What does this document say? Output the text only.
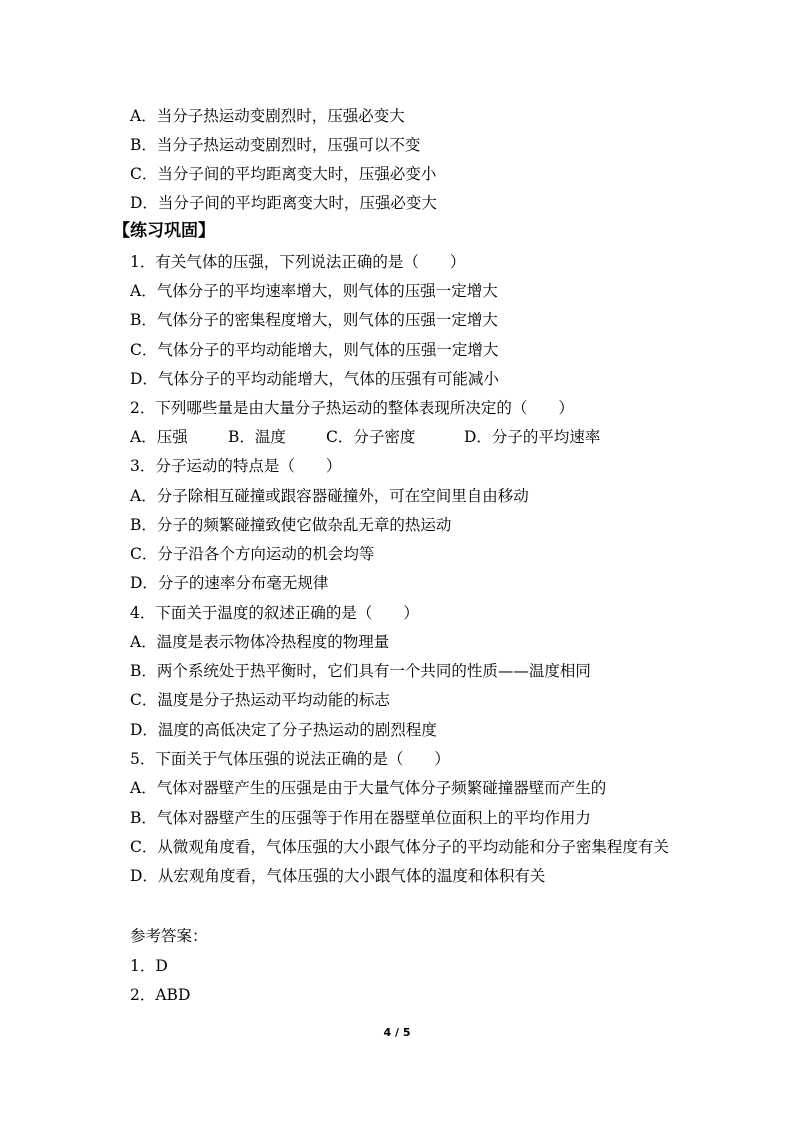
A．当分子热运动变剧烈时，压强必变大
B．当分子热运动变剧烈时，压强可以不变
C．当分子间的平均距离变大时，压强必变小
D．当分子间的平均距离变大时，压强必变大
【练习巩固】
1．有关气体的压强，下列说法正确的是（　　）
A．气体分子的平均速率增大，则气体的压强一定增大
B．气体分子的密集程度增大，则气体的压强一定增大
C．气体分子的平均动能增大，则气体的压强一定增大
D．气体分子的平均动能增大，气体的压强有可能减小
2．下列哪些量是由大量分子热运动的整体表现所决定的（　　）
A．压强	B．温度	C．分子密度	D．分子的平均速率
3．分子运动的特点是（　　）
A．分子除相互碰撞或跟容器碰撞外，可在空间里自由移动
B．分子的频繁碰撞致使它做杂乱无章的热运动
C．分子沿各个方向运动的机会均等
D．分子的速率分布毫无规律
4．下面关于温度的叙述正确的是（　　）
A．温度是表示物体冷热程度的物理量
B．两个系统处于热平衡时，它们具有一个共同的性质——温度相同
C．温度是分子热运动平均动能的标志
D．温度的高低决定了分子热运动的剧烈程度
5．下面关于气体压强的说法正确的是（　　）
A．气体对器壁产生的压强是由于大量气体分子频繁碰撞器壁而产生的
B．气体对器壁产生的压强等于作用在器壁单位面积上的平均作用力
C．从微观角度看，气体压强的大小跟气体分子的平均动能和分子密集程度有关
D．从宏观角度看，气体压强的大小跟气体的温度和体积有关
参考答案：
1．D
2．ABD
4 / 5
